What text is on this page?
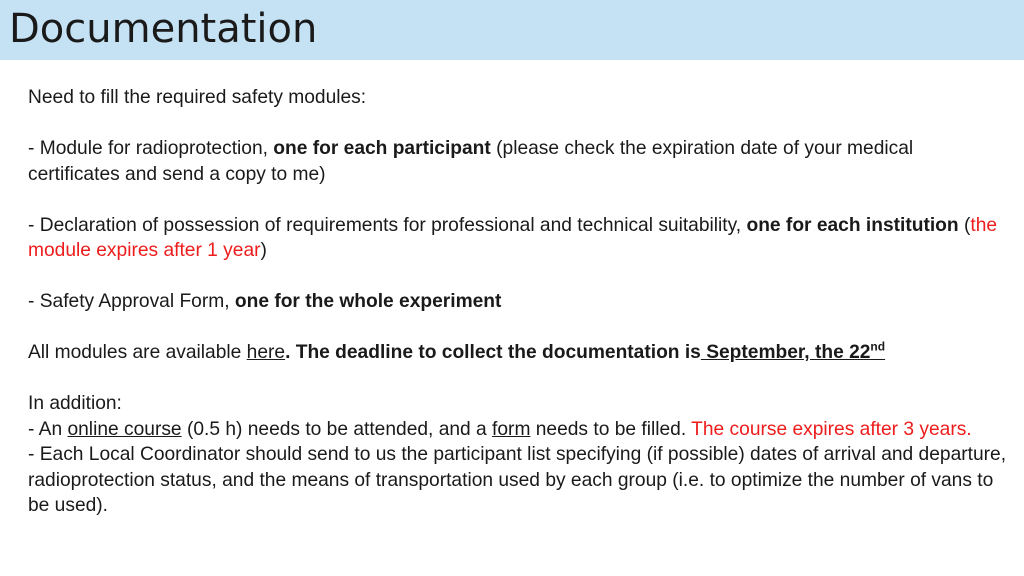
Documentation

Need to fill the required safety modules:

- Module for radioprotection, one for each participant (please check the expiration date of your medical certificates and send a copy to me)

- Declaration of possession of requirements for professional and technical suitability, one for each institution (the module expires after 1 year)

- Safety Approval Form, one for the whole experiment

All modules are available here. The deadline to collect the documentation is September, the 22nd

In addition:

- An online course (0.5 h) needs to be attended, and a form needs to be filled. The course expires after 3 years.

- Each Local Coordinator should send to us the participant list specifying (if possible) dates of arrival and departure, radioprotection status, and the means of transportation used by each group (i.e. to optimize the number of vans to be used).
